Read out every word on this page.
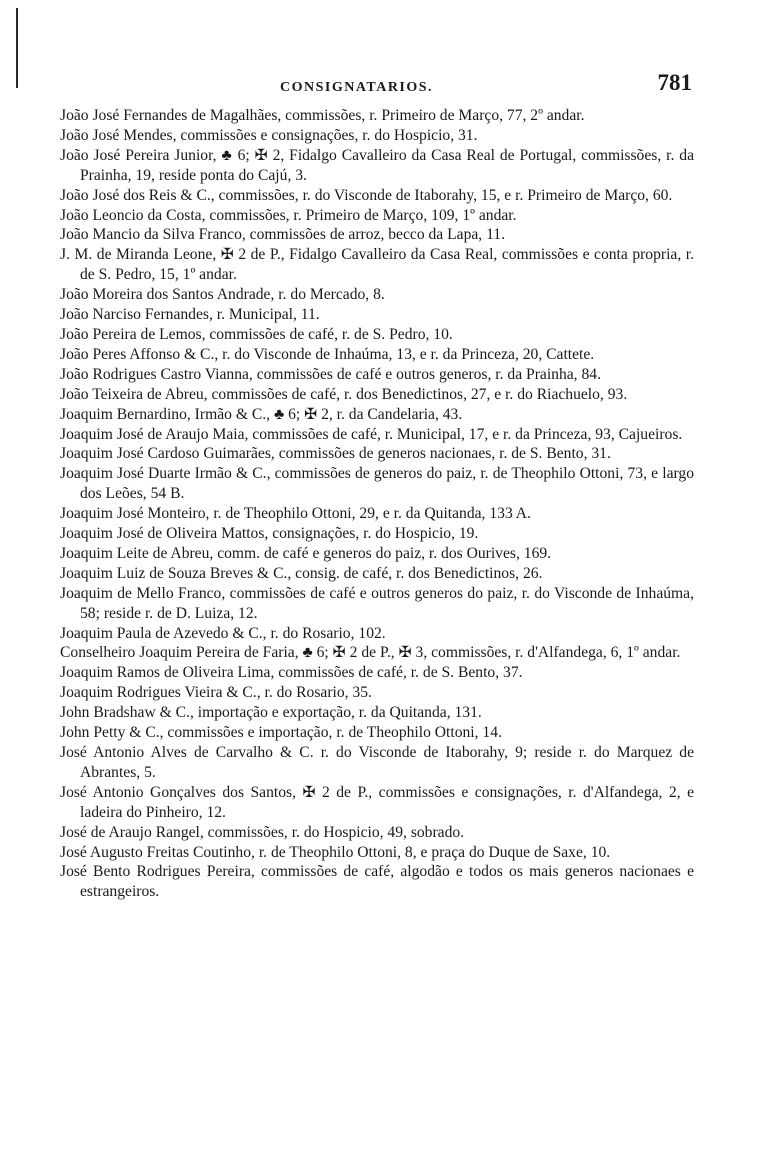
CONSIGNATARIOS.	781

João José Fernandes de Magalhães, commissões, r. Primeiro de Março, 77, 2º andar.

João José Mendes, commissões e consignações, r. do Hospicio, 31.

João José Pereira Junior, ♣ 6; ✠ 2, Fidalgo Cavalleiro da Casa Real de Portugal, commissões, r. da Prainha, 19, reside ponta do Cajú, 3.

João José dos Reis & C., commissões, r. do Visconde de Itaborahy, 15, e r. Primeiro de Março, 60.

João Leoncio da Costa, commissões, r. Primeiro de Março, 109, 1º andar.

João Mancio da Silva Franco, commissões de arroz, becco da Lapa, 11.

J. M. de Miranda Leone, ✠ 2 de P., Fidalgo Cavalleiro da Casa Real, commissões e conta propria, r. de S. Pedro, 15, 1º andar.

João Moreira dos Santos Andrade, r. do Mercado, 8.

João Narciso Fernandes, r. Municipal, 11.

João Pereira de Lemos, commissões de café, r. de S. Pedro, 10.

João Peres Affonso & C., r. do Visconde de Inhaúma, 13, e r. da Princeza, 20, Cattete.

João Rodrigues Castro Vianna, commissões de café e outros generos, r. da Prainha, 84.

João Teixeira de Abreu, commissões de café, r. dos Benedictinos, 27, e r. do Riachuelo, 93.

Joaquim Bernardino, Irmão & C., ♣ 6; ✠ 2, r. da Candelaria, 43.

Joaquim José de Araujo Maia, commissões de café, r. Municipal, 17, e r. da Princeza, 93, Cajueiros.

Joaquim José Cardoso Guimarães, commissões de generos nacionaes, r. de S. Bento, 31.

Joaquim José Duarte Irmão & C., commissões de generos do paiz, r. de Theophilo Ottoni, 73, e largo dos Leões, 54 B.

Joaquim José Monteiro, r. de Theophilo Ottoni, 29, e r. da Quitanda, 133 A.

Joaquim José de Oliveira Mattos, consignações, r. do Hospicio, 19.

Joaquim Leite de Abreu, comm. de café e generos do paiz, r. dos Ourives, 169.

Joaquim Luiz de Souza Breves & C., consig. de café, r. dos Benedictinos, 26.

Joaquim de Mello Franco, commissões de café e outros generos do paiz, r. do Visconde de Inhaúma, 58; reside r. de D. Luiza, 12.

Joaquim Paula de Azevedo & C., r. do Rosario, 102.

Conselheiro Joaquim Pereira de Faria, ♣ 6; ✠ 2 de P., ✠ 3, commissões, r. d'Alfandega, 6, 1º andar.

Joaquim Ramos de Oliveira Lima, commissões de café, r. de S. Bento, 37.

Joaquim Rodrigues Vieira & C., r. do Rosario, 35.

John Bradshaw & C., importação e exportação, r. da Quitanda, 131.

John Petty & C., commissões e importação, r. de Theophilo Ottoni, 14.

José Antonio Alves de Carvalho & C. r. do Visconde de Itaborahy, 9; reside r. do Marquez de Abrantes, 5.

José Antonio Gonçalves dos Santos, ✠ 2 de P., commissões e consignações, r. d'Alfandega, 2, e ladeira do Pinheiro, 12.

José de Araujo Rangel, commissões, r. do Hospicio, 49, sobrado.

José Augusto Freitas Coutinho, r. de Theophilo Ottoni, 8, e praça do Duque de Saxe, 10.

José Bento Rodrigues Pereira, commissões de café, algodão e todos os mais generos nacionaes e estrangeiros.
